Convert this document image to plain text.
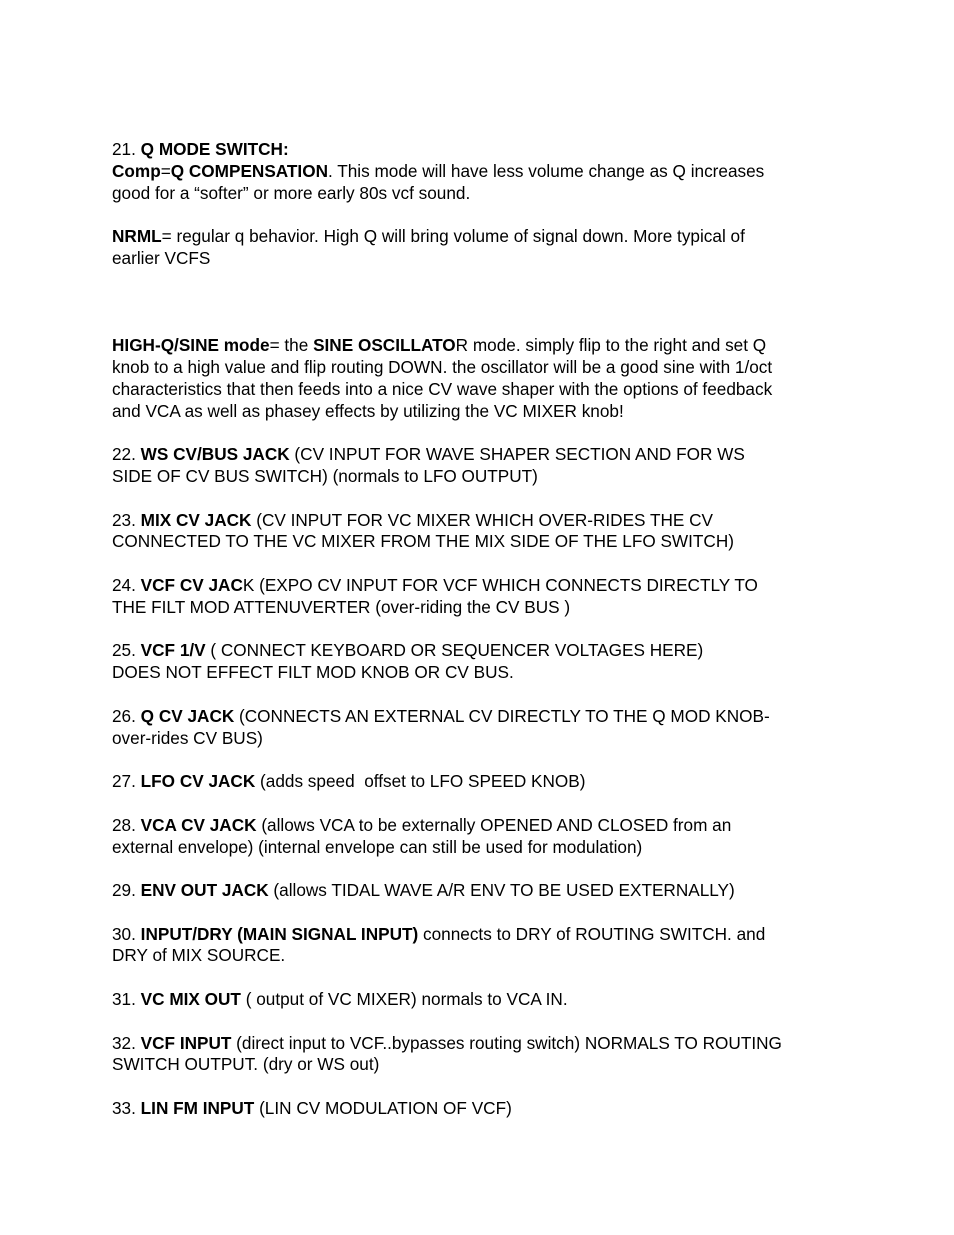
21. Q MODE SWITCH:
Comp=Q COMPENSATION. This mode will have less volume change as Q increases
good for a “softer” or more early 80s vcf sound.
NRML= regular q behavior. High Q will bring volume of signal down. More typical of
earlier VCFS
HIGH-Q/SINE mode= the SINE OSCILLATOR mode. simply flip to the right and set Q
knob to a high value and flip routing DOWN. the oscillator will be a good sine with 1/oct
characteristics that then feeds into a nice CV wave shaper with the options of feedback
and VCA as well as phasey effects by utilizing the VC MIXER knob!
22. WS CV/BUS JACK (CV INPUT FOR WAVE SHAPER SECTION AND FOR WS
SIDE OF CV BUS SWITCH) (normals to LFO OUTPUT)
23. MIX CV JACK (CV INPUT FOR VC MIXER WHICH OVER-RIDES THE CV
CONNECTED TO THE VC MIXER FROM THE MIX SIDE OF THE LFO SWITCH)
24. VCF CV JACK (EXPO CV INPUT FOR VCF WHICH CONNECTS DIRECTLY TO
THE FILT MOD ATTENUVERTER (over-riding the CV BUS )
25. VCF 1/V ( CONNECT KEYBOARD OR SEQUENCER VOLTAGES HERE)
DOES NOT EFFECT FILT MOD KNOB OR CV BUS.
26. Q CV JACK (CONNECTS AN EXTERNAL CV DIRECTLY TO THE Q MOD KNOB-
over-rides CV BUS)
27. LFO CV JACK (adds speed  offset to LFO SPEED KNOB)
28. VCA CV JACK (allows VCA to be externally OPENED AND CLOSED from an
external envelope) (internal envelope can still be used for modulation)
29. ENV OUT JACK (allows TIDAL WAVE A/R ENV TO BE USED EXTERNALLY)
30. INPUT/DRY (MAIN SIGNAL INPUT) connects to DRY of ROUTING SWITCH. and
DRY of MIX SOURCE.
31. VC MIX OUT ( output of VC MIXER) normals to VCA IN.
32. VCF INPUT (direct input to VCF..bypasses routing switch) NORMALS TO ROUTING
SWITCH OUTPUT. (dry or WS out)
33. LIN FM INPUT (LIN CV MODULATION OF VCF)
